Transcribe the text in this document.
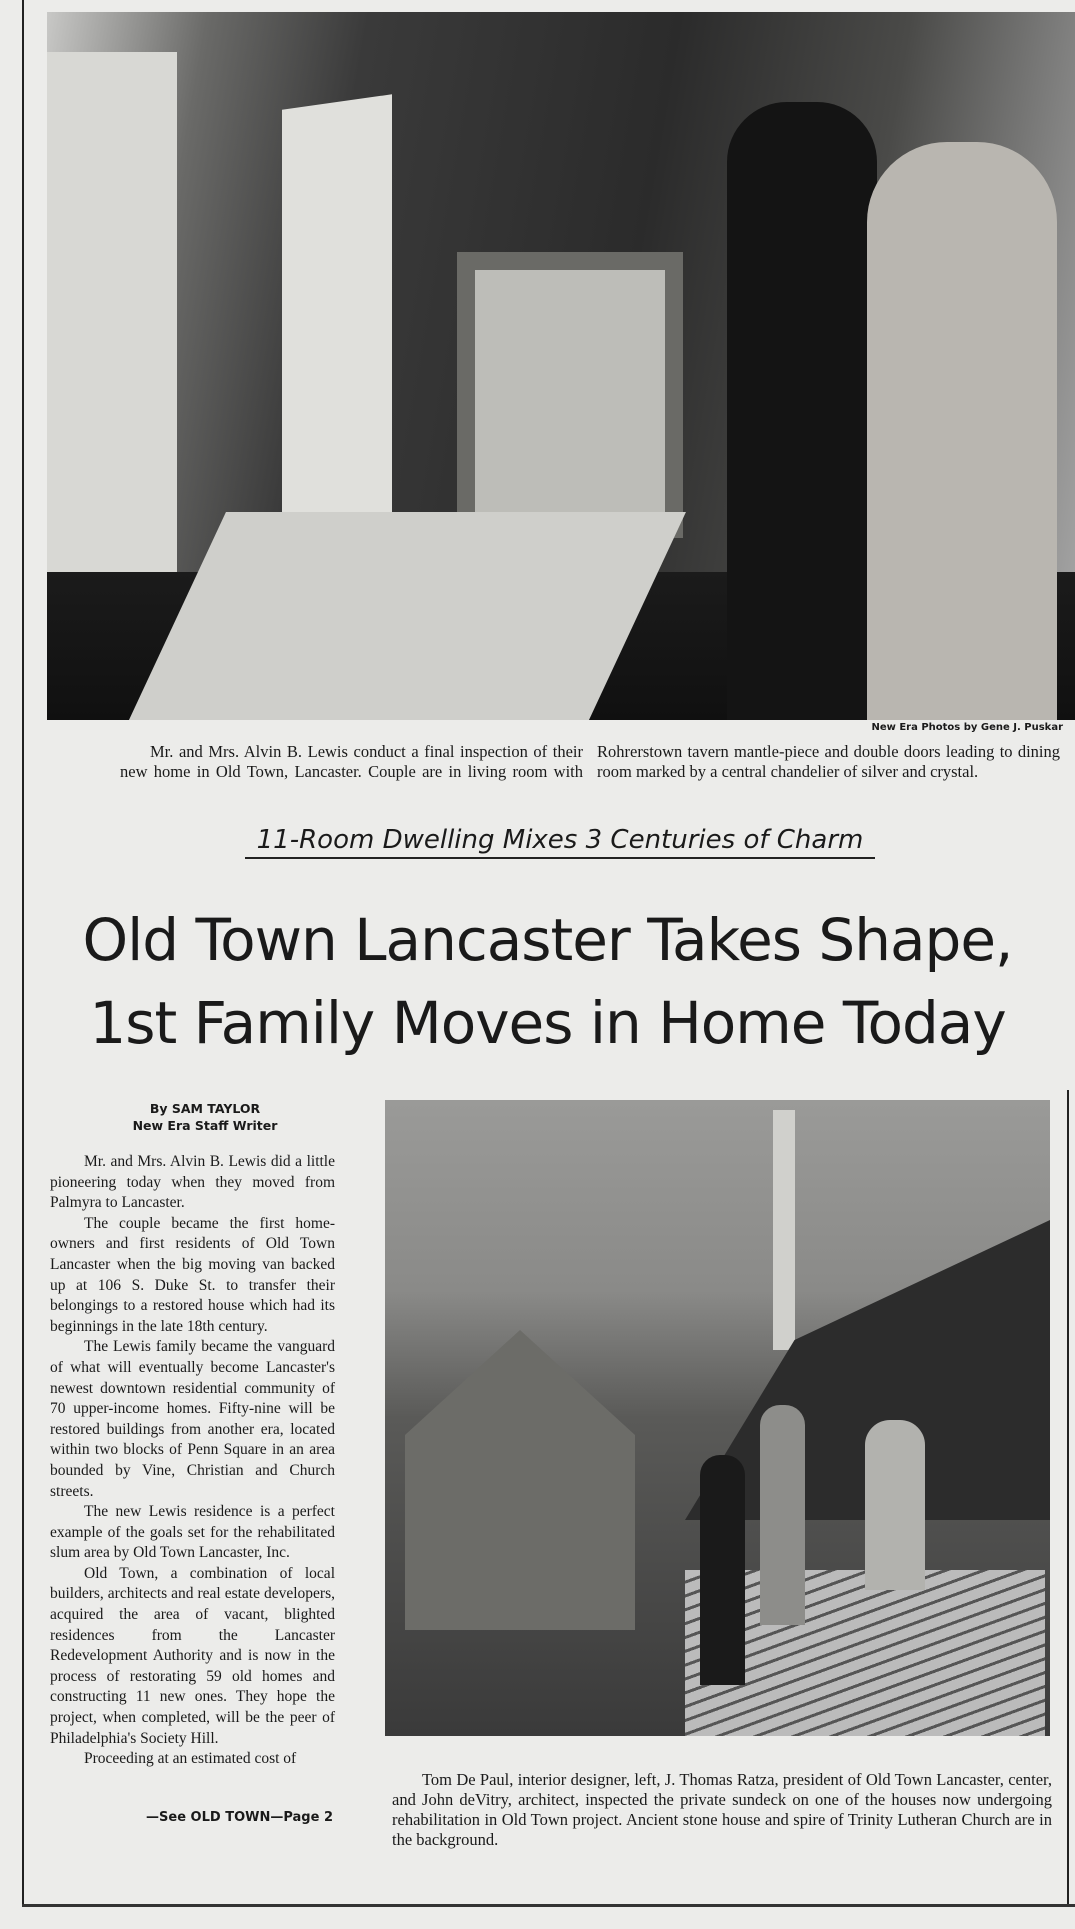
New Era Photos by Gene J. Puskar
Mr. and Mrs. Alvin B. Lewis conduct a final inspection of their new home in Old Town, Lancaster. Couple are in living room with Rohrerstown tavern mantle-piece and double doors leading to dining room marked by a central chandelier of silver and crystal.
11-Room Dwelling Mixes 3 Centuries of Charm
Old Town Lancaster Takes Shape,
1st Family Moves in Home Today
By SAM TAYLOR
New Era Staff Writer

Mr. and Mrs. Alvin B. Lewis did a little pioneering today when they moved from Palmyra to Lancaster.

The couple became the first home-owners and first residents of Old Town Lancaster when the big moving van backed up at 106 S. Duke St. to transfer their belongings to a restored house which had its beginnings in the late 18th century.

The Lewis family became the vanguard of what will eventually become Lancaster's newest downtown residential community of 70 upper-income homes. Fifty-nine will be restored buildings from another era, located within two blocks of Penn Square in an area bounded by Vine, Christian and Church streets.

The new Lewis residence is a perfect example of the goals set for the rehabilitated slum area by Old Town Lancaster, Inc.

Old Town, a combination of local builders, architects and real estate developers, acquired the area of vacant, blighted residences from the Lancaster Redevelopment Authority and is now in the process of restorating 59 old homes and constructing 11 new ones. They hope the project, when completed, will be the peer of Philadelphia's Society Hill.

Proceeding at an estimated cost of

—See OLD TOWN—Page 2
Tom De Paul, interior designer, left, J. Thomas Ratza, president of Old Town Lancaster, center, and John deVitry, architect, inspected the private sundeck on one of the houses now undergoing rehabilitation in Old Town project. Ancient stone house and spire of Trinity Lutheran Church are in the background.
